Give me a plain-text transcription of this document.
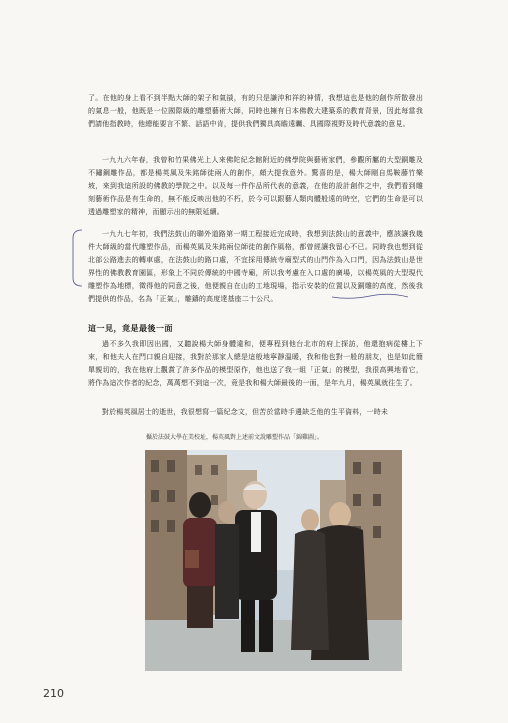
了。在他的身上看不到半點大師的架子和氣燄，有的只是謙沖和祥的神情，我想這也是他的創作所散發出的氣息一般，他既是一位國際級的雕塑藝術大師，同時也擁有日本佛教大建築系的教育背景，因此每當我們請他指教時，他總能要言不繁、話語中肯，提供我們獨具高瞻遠矚、具國際視野及時代意義的意見。

一九九六年春，我曾和竹果佛光上人來佛陀紀念館附近的佛學院與藝術家們，參觀所屬的大型銅雕及不鏽鋼雕作品，都是楊英風及朱銘師徒兩人的創作，頗大提我意外。驚喜的是，楊大師剛自馬鞍藤竹樂坡，來到我這所設的佛教的學院之中。以及每一件作品所代表的意義，在他的設計創作之中，我們看到雕刻藝術作品是有生命的，無不能反映出他的不朽，於今可以跟藝人類肉體般遠的時空，它們的生命是可以透過雕塑家的精神，而顯示出的無限延續。

一九九七年初，我們法鼓山的聯外道路第一期工程接近完成時，我想到法鼓山的意義中，應該讓我幾件大師級的當代雕塑作品，而楊英風及朱銘兩位師徒的創作風格，都曾經讓我留心不已。同時我也想到從北部公路進去的轉車處，在法鼓山的路口處，不宜採用傳統寺廟型式的山門作為入口門，因為法鼓山是世界性的佛教教育園區，形象上不同於傳統的中國寺廟，所以我考慮在入口處的廣場，以楊英風的大型現代雕塑作為地標，徵得他的同意之後，他便親自在山的工地現場，指示安裝的位置以及銅雕的高度，然後我們提供的作品，名為「正氣」，雕鑄的高度達基座二十公尺。

這一見，竟是最後一面

過不多久我即因出國，又聽說楊大師身體違和，便專程到他台北市的府上探訪，他還抱病從樓上下來，和他夫人在門口親自迎接，我對於那家人總是這般地寧靜溫暖，我和他也對一般的朋友，也是如此簡單親切的，我在他府上觀賞了許多作品的模型原作，他也送了我一組「正氣」的模型，我很高興地看它，將作為這次作者的紀念，萬萬想不到這一次，竟是我和楊大師最後的一面，是年九月，楊英風就往生了。

對於楊英風居士的逝世，我很想寫一篇紀念文，但苦於當時手邊缺乏他的生平資料，一時未

攝於法鼓大學在美校址，楊英風對上述前文說雕塑作品「錦雞圖」。
210
